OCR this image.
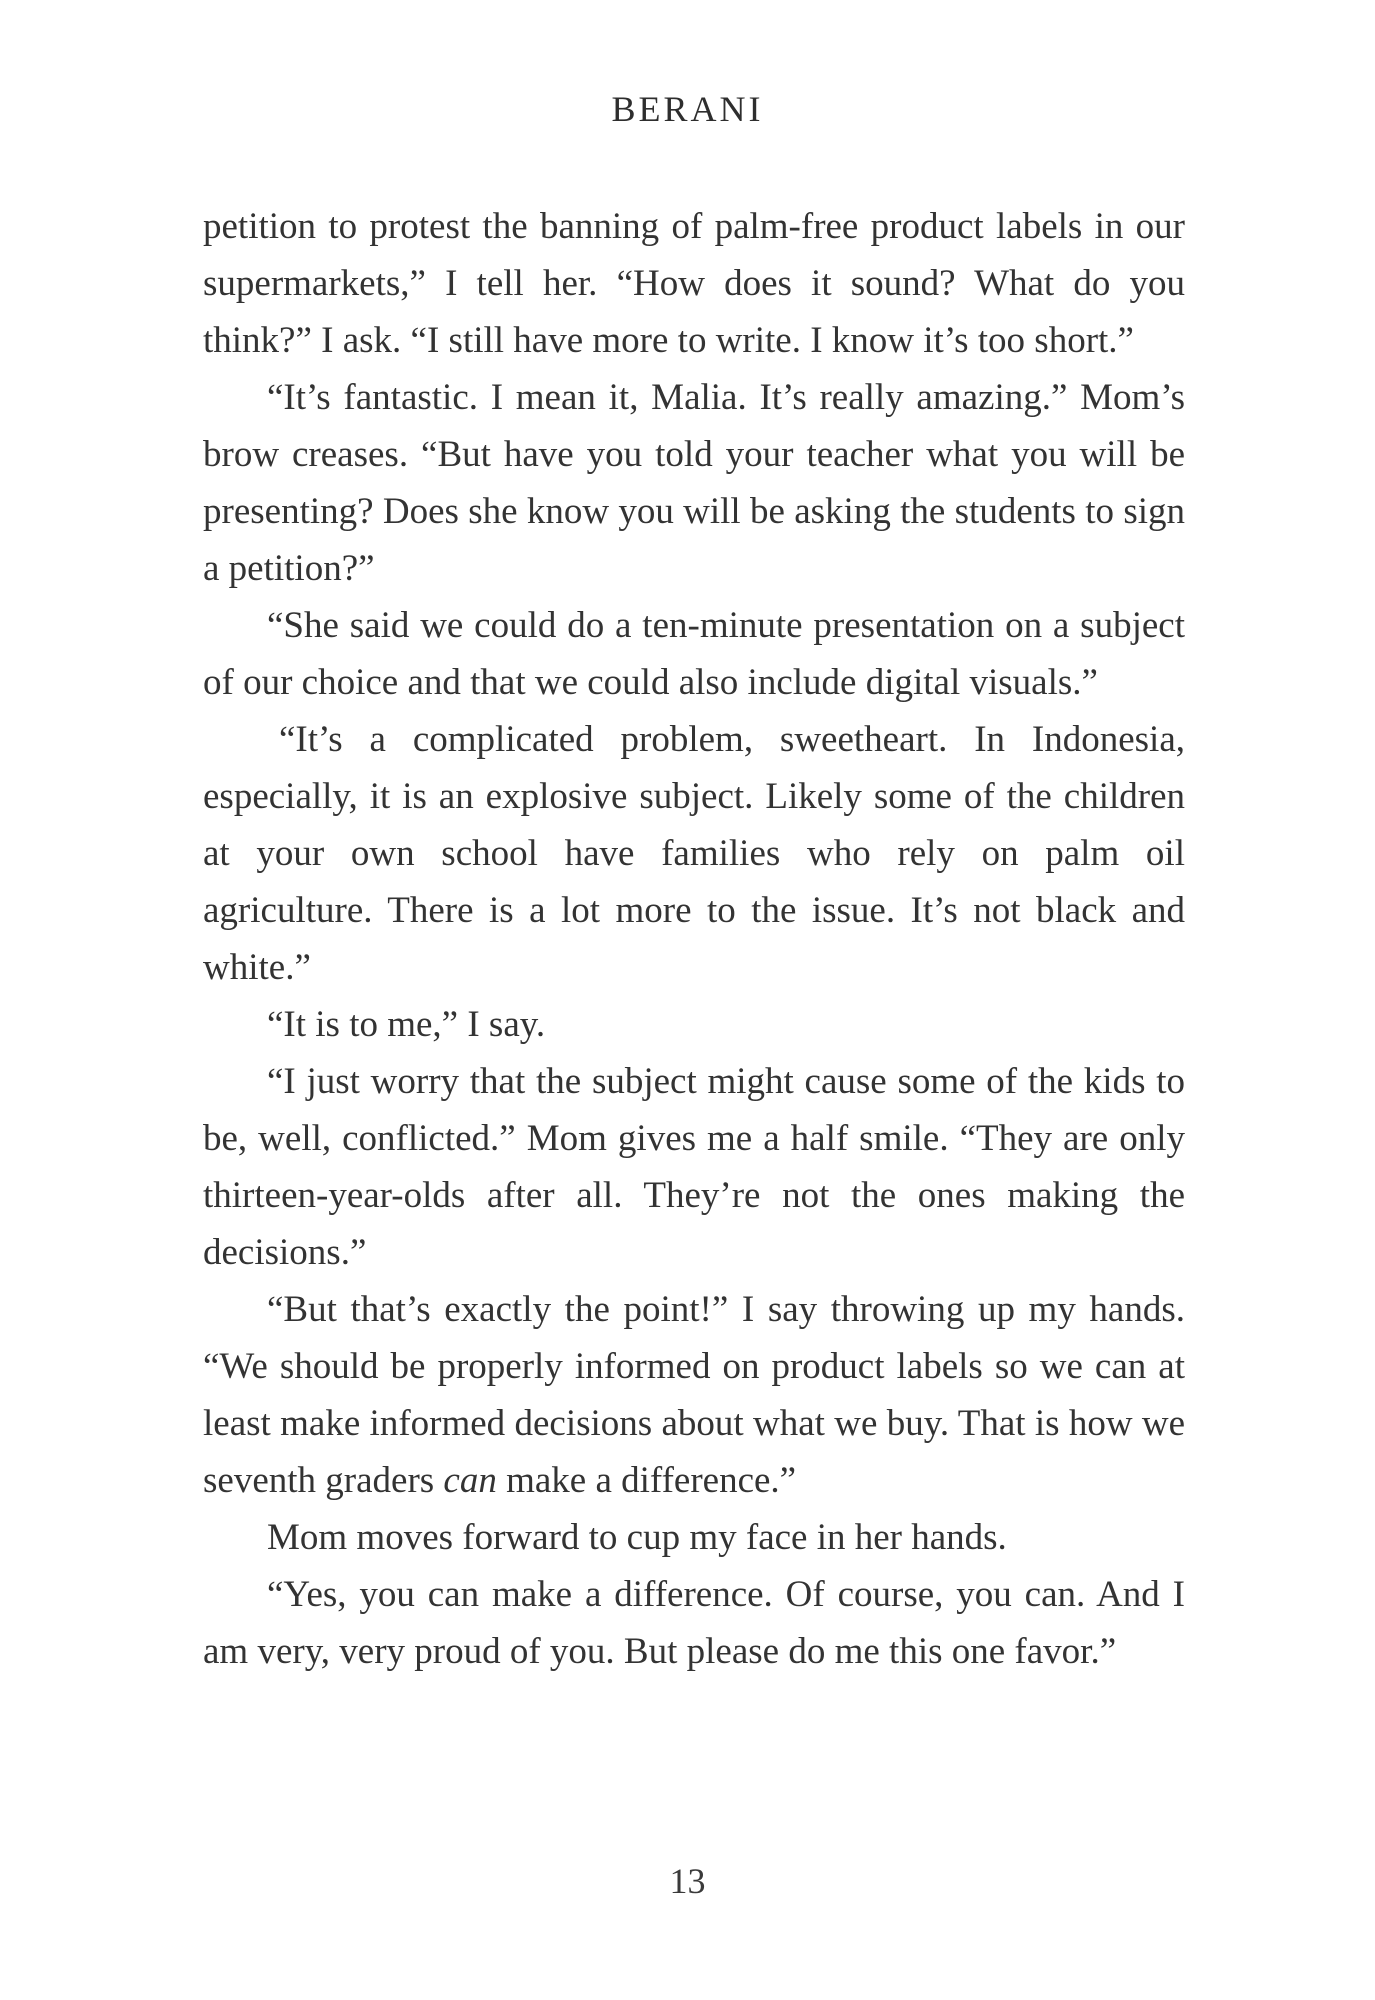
BERANI

petition to protest the banning of palm-free product labels in our supermarkets,” I tell her. “How does it sound? What do you think?” I ask. “I still have more to write. I know it’s too short.”

“It’s fantastic. I mean it, Malia. It’s really amazing.” Mom’s brow creases. “But have you told your teacher what you will be presenting? Does she know you will be asking the students to sign a petition?”

“She said we could do a ten-minute presentation on a subject of our choice and that we could also include digital visuals.”

“It’s a complicated problem, sweetheart. In Indonesia, especially, it is an explosive subject. Likely some of the children at your own school have families who rely on palm oil agriculture. There is a lot more to the issue. It’s not black and white.”

“It is to me,” I say.

“I just worry that the subject might cause some of the kids to be, well, conflicted.” Mom gives me a half smile. “They are only thirteen-year-olds after all. They’re not the ones making the decisions.”

“But that’s exactly the point!” I say throwing up my hands. “We should be properly informed on product labels so we can at least make informed decisions about what we buy. That is how we seventh graders can make a difference.”

Mom moves forward to cup my face in her hands.

“Yes, you can make a difference. Of course, you can. And I am very, very proud of you. But please do me this one favor.”

13
